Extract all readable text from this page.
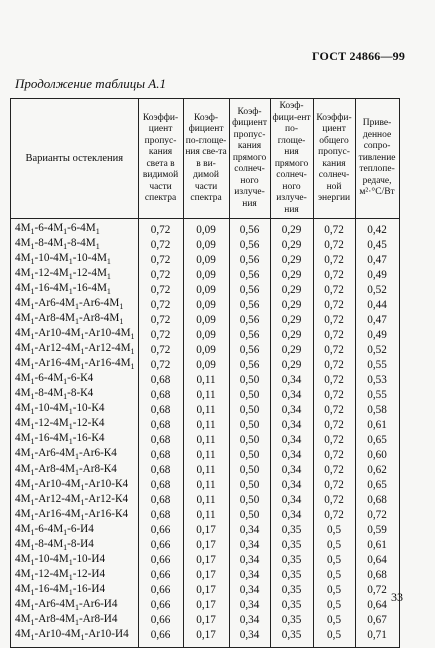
ГОСТ 24866—99
Продолжение таблицы А.1
Варианты остекления	Коэффи-циент пропус-кания света в видимой части спектра	Коэф-фициент по-глоще-ния све-та в ви-димой части спектра	Коэф-фициент пропус-кания прямого солнеч-ного излуче-ния	Коэф-фици-ент по-глоще-ния прямого солнеч-ного излуче-ния	Коэффи-циент общего пропус-кания солнеч-ной энергии	Приве-денное сопро-тивление теплопе-редаче, м²·°С/Вт
$4М_1-6-4М_1-6-4М_1$	0,72	0,09	0,56	0,29	0,72	0,42
$4М_1-8-4М_1-8-4М_1$	0,72	0,09	0,56	0,29	0,72	0,45
$4М_1-10-4М_1-10-4М_1$	0,72	0,09	0,56	0,29	0,72	0,47
$4М_1-12-4М_1-12-4М_1$	0,72	0,09	0,56	0,29	0,72	0,49
$4М_1-16-4М_1-16-4М_1$	0,72	0,09	0,56	0,29	0,72	0,52
$4М_1-Ar6-4М_1-Ar6-4М_1$	0,72	0,09	0,56	0,29	0,72	0,44
$4М_1-Ar8-4М_1-Ar8-4М_1$	0,72	0,09	0,56	0,29	0,72	0,47
$4М_1-Ar10-4М_1-Ar10-4М_1$	0,72	0,09	0,56	0,29	0,72	0,49
$4М_1-Ar12-4М_1-Ar12-4М_1$	0,72	0,09	0,56	0,29	0,72	0,52
$4М_1-Ar16-4М_1-Ar16-4М_1$	0,72	0,09	0,56	0,29	0,72	0,55
$4М_1-6-4М_1-6-К4$	0,68	0,11	0,50	0,34	0,72	0,53
$4М_1-8-4М_1-8-К4$	0,68	0,11	0,50	0,34	0,72	0,55
$4М_1-10-4М_1-10-К4$	0,68	0,11	0,50	0,34	0,72	0,58
$4М_1-12-4М_1-12-К4$	0,68	0,11	0,50	0,34	0,72	0,61
$4М_1-16-4М_1-16-К4$	0,68	0,11	0,50	0,34	0,72	0,65
$4М_1-Ar6-4М_1-Ar6-К4$	0,68	0,11	0,50	0,34	0,72	0,60
$4М_1-Ar8-4М_1-Ar8-К4$	0,68	0,11	0,50	0,34	0,72	0,62
$4М_1-Ar10-4М_1-Ar10-К4$	0,68	0,11	0,50	0,34	0,72	0,65
$4М_1-Ar12-4М_1-Ar12-К4$	0,68	0,11	0,50	0,34	0,72	0,68
$4М_1-Ar16-4М_1-Ar16-К4$	0,68	0,11	0,50	0,34	0,72	0,72
$4М_1-6-4М_1-6-И4$	0,66	0,17	0,34	0,35	0,5	0,59
$4М_1-8-4М_1-8-И4$	0,66	0,17	0,34	0,35	0,5	0,61
$4М_1-10-4М_1-10-И4$	0,66	0,17	0,34	0,35	0,5	0,64
$4М_1-12-4М_1-12-И4$	0,66	0,17	0,34	0,35	0,5	0,68
$4М_1-16-4М_1-16-И4$	0,66	0,17	0,34	0,35	0,5	0,72
$4М_1-Ar6-4М_1-Ar6-И4$	0,66	0,17	0,34	0,35	0,5	0,64
$4М_1-Ar8-4М_1-Ar8-И4$	0,66	0,17	0,34	0,35	0,5	0,67
$4М_1-Ar10-4М_1-Ar10-И4$	0,66	0,17	0,34	0,35	0,5	0,71
33
